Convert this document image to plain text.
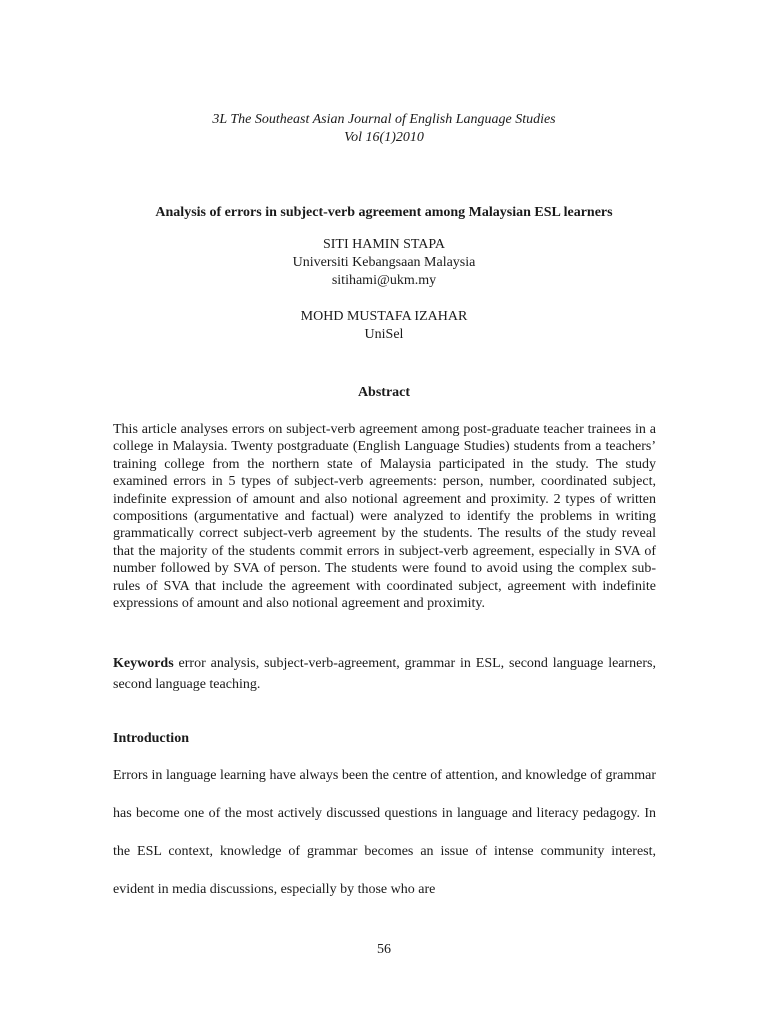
3L The Southeast Asian Journal of English Language Studies
Vol 16(1)2010
Analysis of errors in subject-verb agreement among Malaysian ESL learners
SITI HAMIN STAPA
Universiti Kebangsaan Malaysia
sitihami@ukm.my
MOHD MUSTAFA IZAHAR
UniSel
Abstract
This article analyses errors on subject-verb agreement among post-graduate teacher trainees in a college in Malaysia. Twenty postgraduate (English Language Studies) students from a teachers’ training college from the northern state of Malaysia participated in the study. The study examined errors in 5 types of subject-verb agreements: person, number, coordinated subject, indefinite expression of amount and also notional agreement and proximity. 2 types of written compositions (argumentative and factual) were analyzed to identify the problems in writing grammatically correct subject-verb agreement by the students. The results of the study reveal that the majority of the students commit errors in subject-verb agreement, especially in SVA of number followed by SVA of person. The students were found to avoid using the complex sub-rules of SVA that include the agreement with coordinated subject, agreement with indefinite expressions of amount and also notional agreement and proximity.
Keywords error analysis, subject-verb-agreement, grammar in ESL, second language learners, second language teaching.
Introduction
Errors in language learning have always been the centre of attention, and knowledge of grammar has become one of the most actively discussed questions in language and literacy pedagogy. In the ESL context, knowledge of grammar becomes an issue of intense community interest, evident in media discussions, especially by those who are
56
